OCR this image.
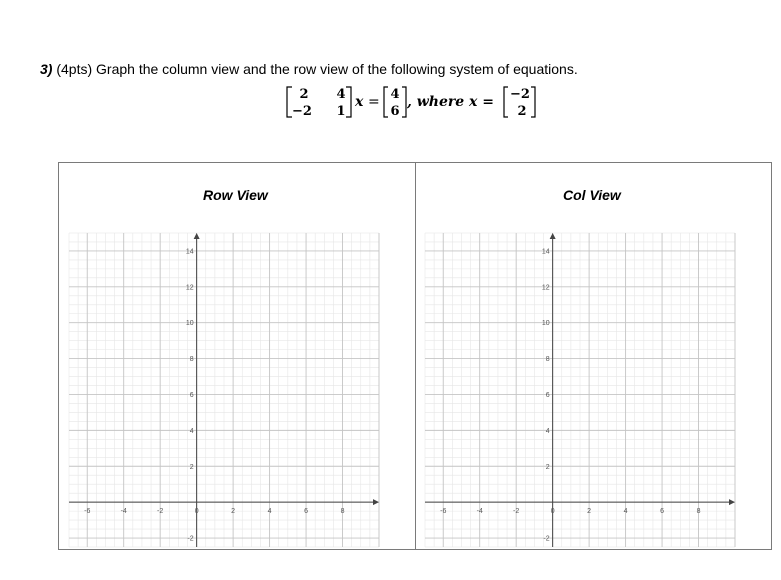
3) (4pts) Graph the column view and the row view of the following system of equations.
2 4
−2 1
x = 4
6
, where x = −2
2
Row View
-6	-4	-2	0	2	4	6	8
-2
2
4
6
8
10
12
14
Col View
-6	-4	-2	0	2	4	6	8
-2
2
4
6
8
10
12
14
